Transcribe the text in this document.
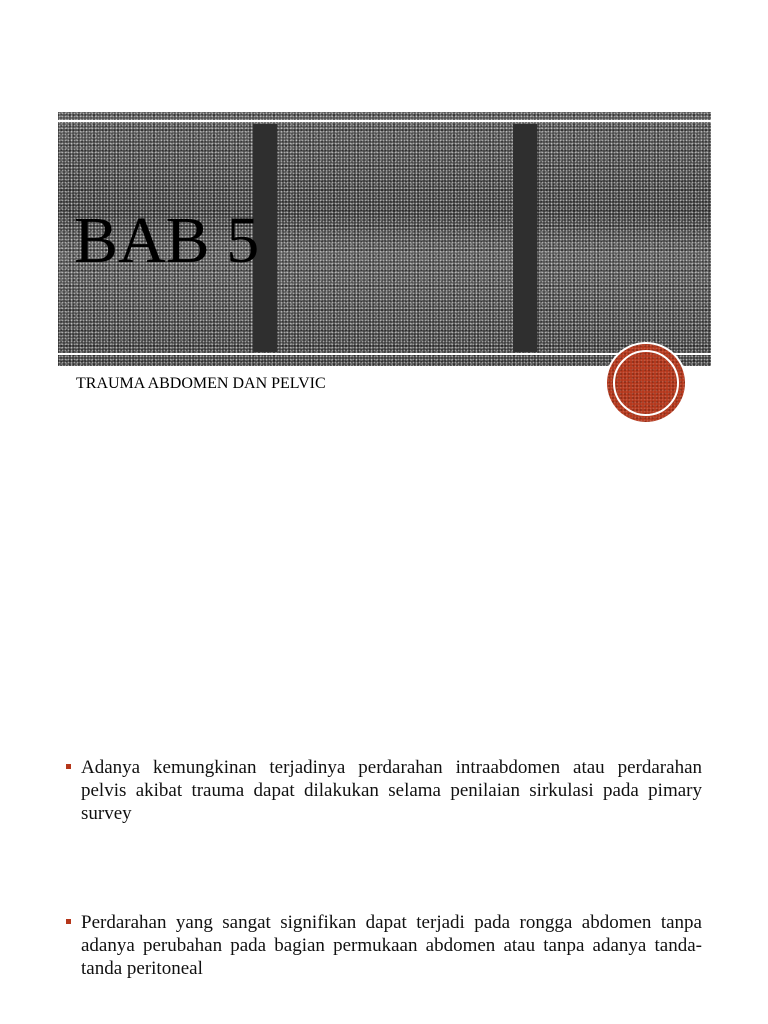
BAB 5

TRAUMA ABDOMEN DAN PELVIC

Adanya kemungkinan terjadinya perdarahan intraabdomen atau perdarahan pelvis akibat trauma dapat dilakukan selama penilaian sirkulasi pada pimary survey
Perdarahan yang sangat signifikan dapat terjadi pada rongga abdomen tanpa adanya perubahan pada bagian permukaan abdomen atau tanpa adanya tanda-tanda peritoneal
